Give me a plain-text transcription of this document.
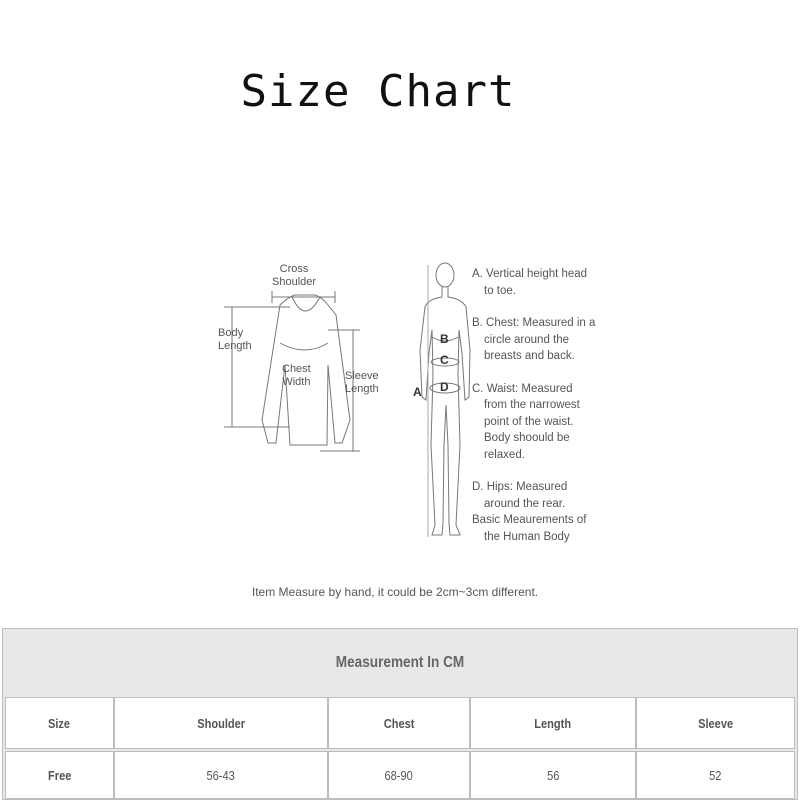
Size Chart
Cross
Shoulder
Body
Length
Chest
Width	Sleeve
Length	A
B
C
D
A. Vertical height head to toe.
B. Chest: Measured in a circle around the breasts and back.
C. Waist: Measured from the narrowest point of the waist. Body shoould be relaxed.
D. Hips: Measured around the rear.
Basic Meaurements of the Human Body
Item Measure by hand, it could be 2cm~3cm different.
Measurement In CM
Size	Shoulder	Chest	Length	Sleeve
Free	56-43	68-90	56	52
